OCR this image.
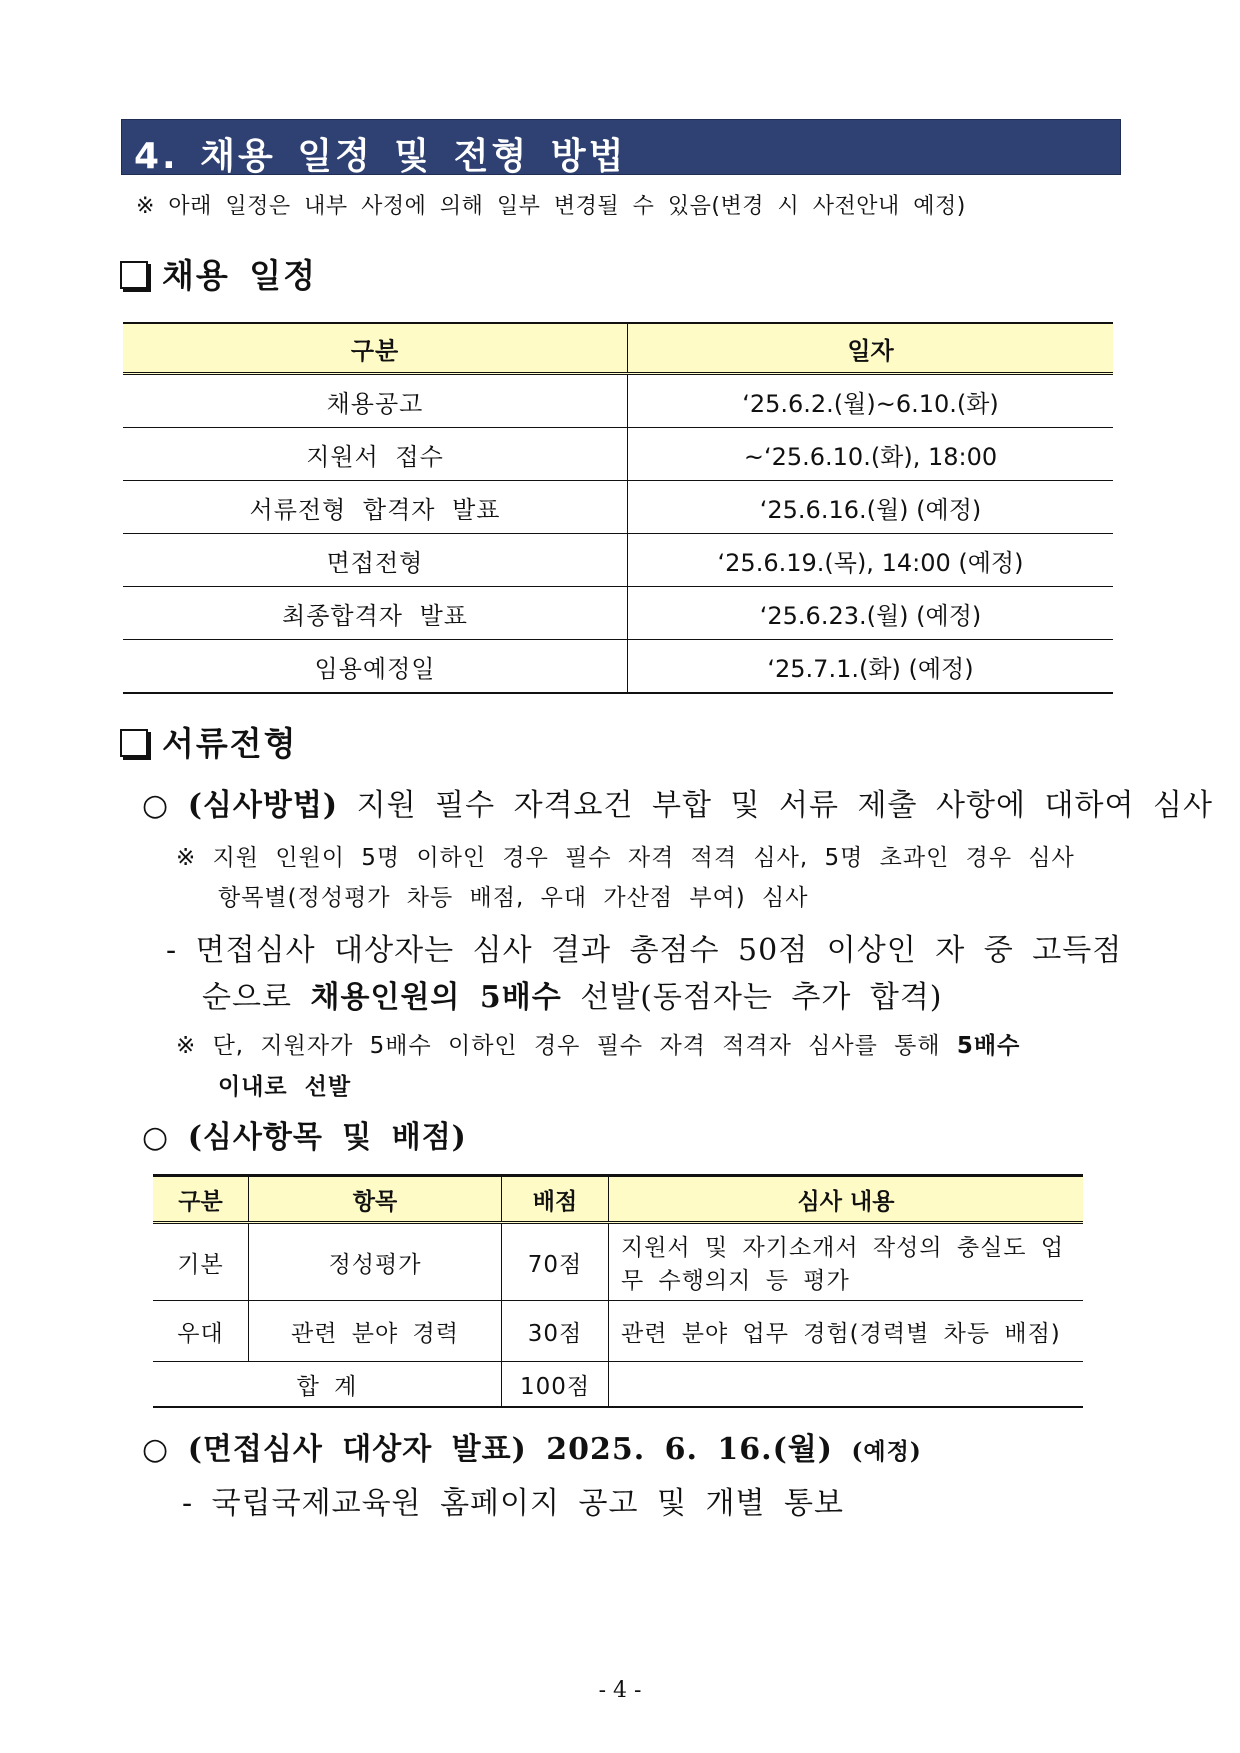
4. 채용 일정 및 전형 방법
※ 아래 일정은 내부 사정에 의해 일부 변경될 수 있음(변경 시 사전안내 예정)
채용 일정
구분	일자
채용공고	‘25.6.2.(월)~6.10.(화)
지원서 접수	~‘25.6.10.(화), 18:00
서류전형 합격자 발표	‘25.6.16.(월) (예정)
면접전형	‘25.6.19.(목), 14:00 (예정)
최종합격자 발표	‘25.6.23.(월) (예정)
임용예정일	‘25.7.1.(화) (예정)
서류전형
○ (심사방법) 지원 필수 자격요건 부합 및 서류 제출 사항에 대하여 심사
※ 지원 인원이 5명 이하인 경우 필수 자격 적격 심사, 5명 초과인 경우 심사
항목별(정성평가 차등 배점, 우대 가산점 부여) 심사
- 면접심사 대상자는 심사 결과 총점수 50점 이상인 자 중 고득점
순으로 채용인원의 5배수 선발(동점자는 추가 합격)
※ 단, 지원자가 5배수 이하인 경우 필수 자격 적격자 심사를 통해 5배수
이내로 선발
○ (심사항목 및 배점)
구분	항목	배점	심사 내용
기본	정성평가	70점	지원서 및 자기소개서 작성의 충실도 업무 수행의지 등 평가
우대	관련 분야 경력	30점	관련 분야 업무 경험(경력별 차등 배점)
합 계		100점	
○ (면접심사 대상자 발표) 2025. 6. 16.(월) (예정)
- 국립국제교육원 홈페이지 공고 및 개별 통보
- 4 -
